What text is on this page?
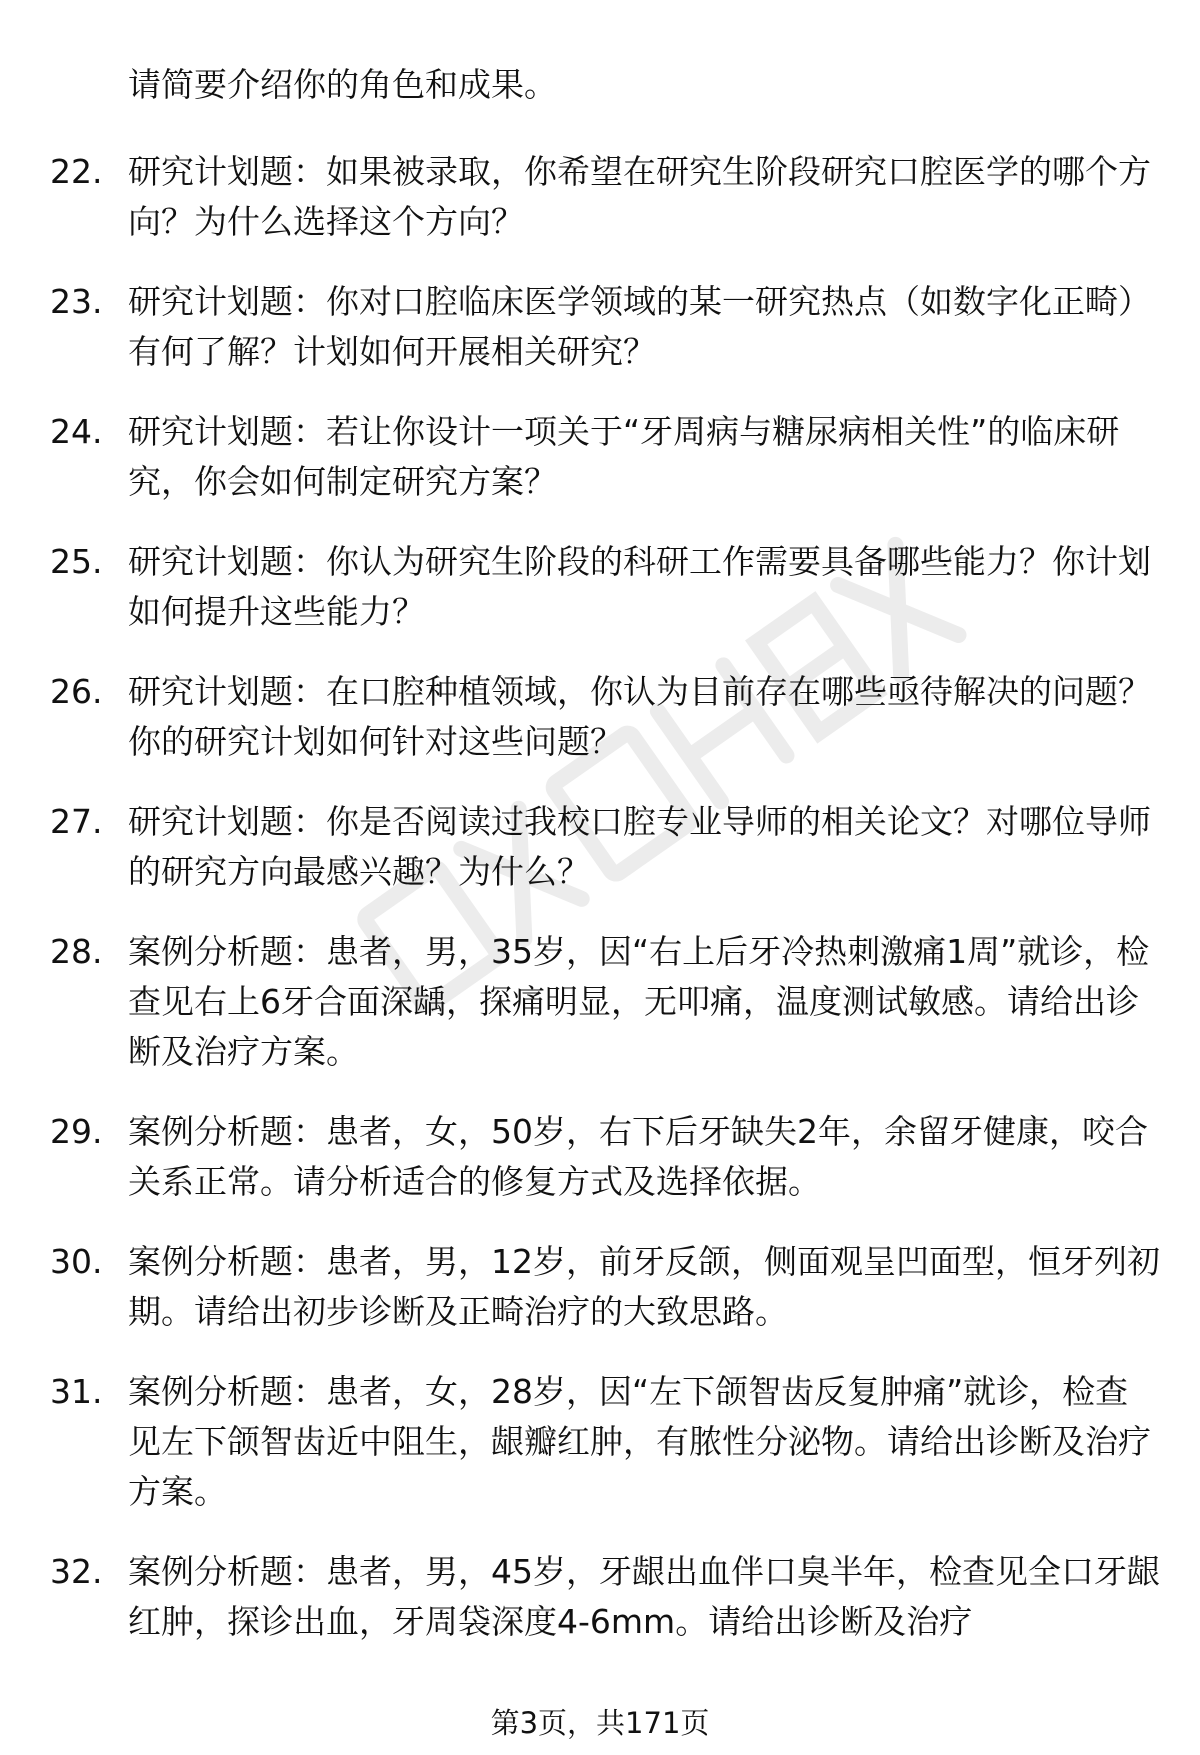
请简要介绍你的角色和成果。
22. 研究计划题：如果被录取，你希望在研究生阶段研究口腔医学的哪个方向？为什么选择这个方向？
23. 研究计划题：你对口腔临床医学领域的某一研究热点（如数字化正畸）有何了解？计划如何开展相关研究？
24. 研究计划题：若让你设计一项关于“牙周病与糖尿病相关性”的临床研究，你会如何制定研究方案？
25. 研究计划题：你认为研究生阶段的科研工作需要具备哪些能力？你计划如何提升这些能力？
26. 研究计划题：在口腔种植领域，你认为目前存在哪些亟待解决的问题？你的研究计划如何针对这些问题？
27. 研究计划题：你是否阅读过我校口腔专业导师的相关论文？对哪位导师的研究方向最感兴趣？为什么？
28. 案例分析题：患者，男，35岁，因“右上后牙冷热刺激痛1周”就诊，检查见右上6牙合面深龋，探痛明显，无叩痛，温度测试敏感。请给出诊断及治疗方案。
29. 案例分析题：患者，女，50岁，右下后牙缺失2年，余留牙健康，咬合关系正常。请分析适合的修复方式及选择依据。
30. 案例分析题：患者，男，12岁，前牙反颌，侧面观呈凹面型，恒牙列初期。请给出初步诊断及正畸治疗的大致思路。
31. 案例分析题：患者，女，28岁，因“左下颌智齿反复肿痛”就诊，检查见左下颌智齿近中阻生，龈瓣红肿，有脓性分泌物。请给出诊断及治疗方案。
32. 案例分析题：患者，男，45岁，牙龈出血伴口臭半年，检查见全口牙龈红肿，探诊出血，牙周袋深度4-6mm。请给出诊断及治疗
第3页，共171页
